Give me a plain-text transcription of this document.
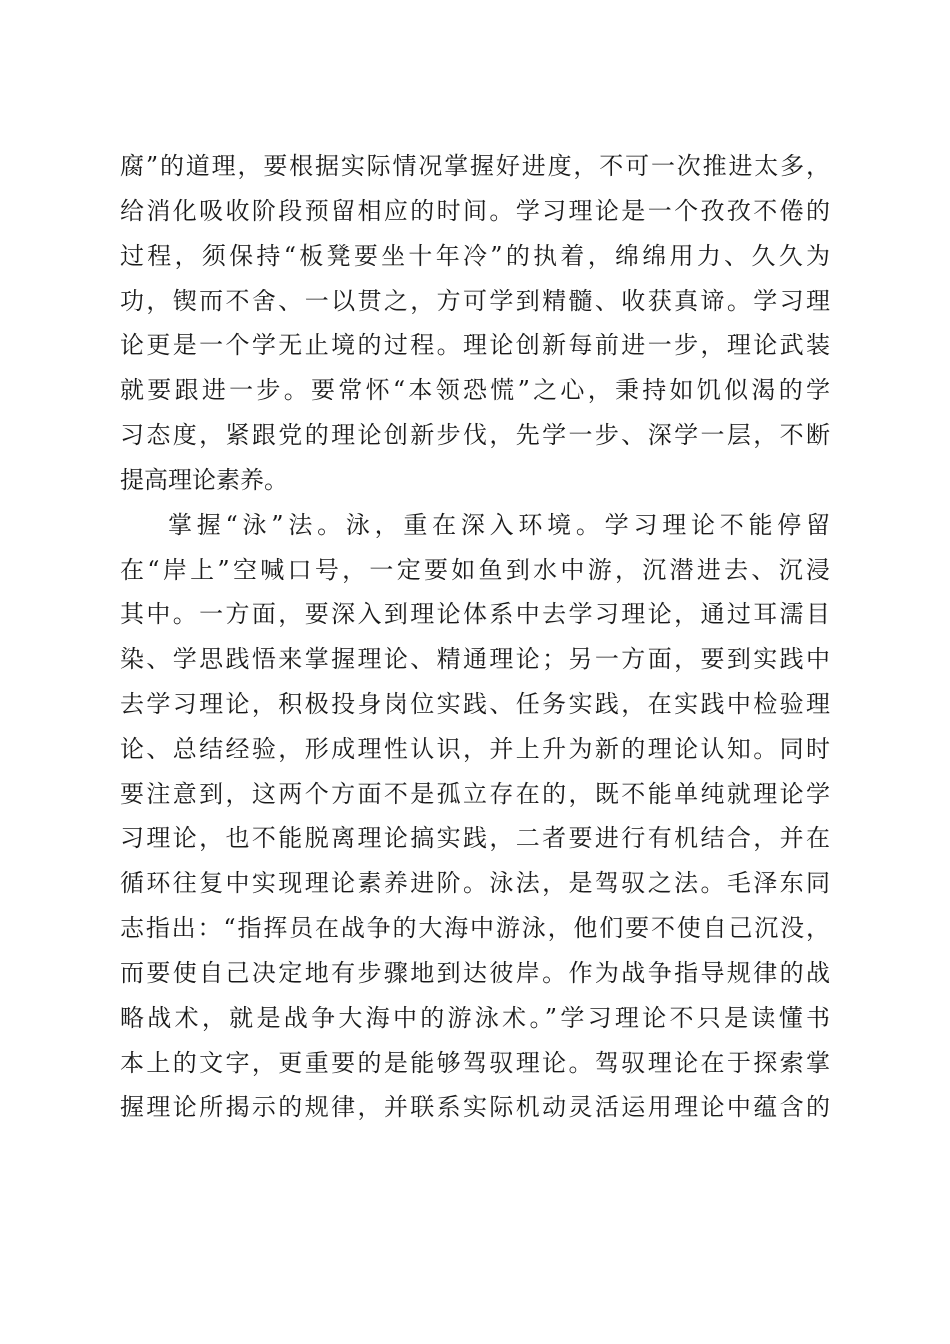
腐”的道理，要根据实际情况掌握好进度，不可一次推进太多，
给消化吸收阶段预留相应的时间。学习理论是一个孜孜不倦的
过程，须保持“板凳要坐十年冷”的执着，绵绵用力、久久为
功，锲而不舍、一以贯之，方可学到精髓、收获真谛。学习理
论更是一个学无止境的过程。理论创新每前进一步，理论武装
就要跟进一步。要常怀“本领恐慌”之心，秉持如饥似渴的学
习态度，紧跟党的理论创新步伐，先学一步、深学一层，不断
提高理论素养。
掌握“泳”法。泳，重在深入环境。学习理论不能停留
在“岸上”空喊口号，一定要如鱼到水中游，沉潜进去、沉浸
其中。一方面，要深入到理论体系中去学习理论，通过耳濡目
染、学思践悟来掌握理论、精通理论；另一方面，要到实践中
去学习理论，积极投身岗位实践、任务实践，在实践中检验理
论、总结经验，形成理性认识，并上升为新的理论认知。同时
要注意到，这两个方面不是孤立存在的，既不能单纯就理论学
习理论，也不能脱离理论搞实践，二者要进行有机结合，并在
循环往复中实现理论素养进阶。泳法，是驾驭之法。毛泽东同
志指出：“指挥员在战争的大海中游泳，他们要不使自己沉没，
而要使自己决定地有步骤地到达彼岸。作为战争指导规律的战
略战术，就是战争大海中的游泳术。”学习理论不只是读懂书
本上的文字，更重要的是能够驾驭理论。驾驭理论在于探索掌
握理论所揭示的规律，并联系实际机动灵活运用理论中蕴含的
